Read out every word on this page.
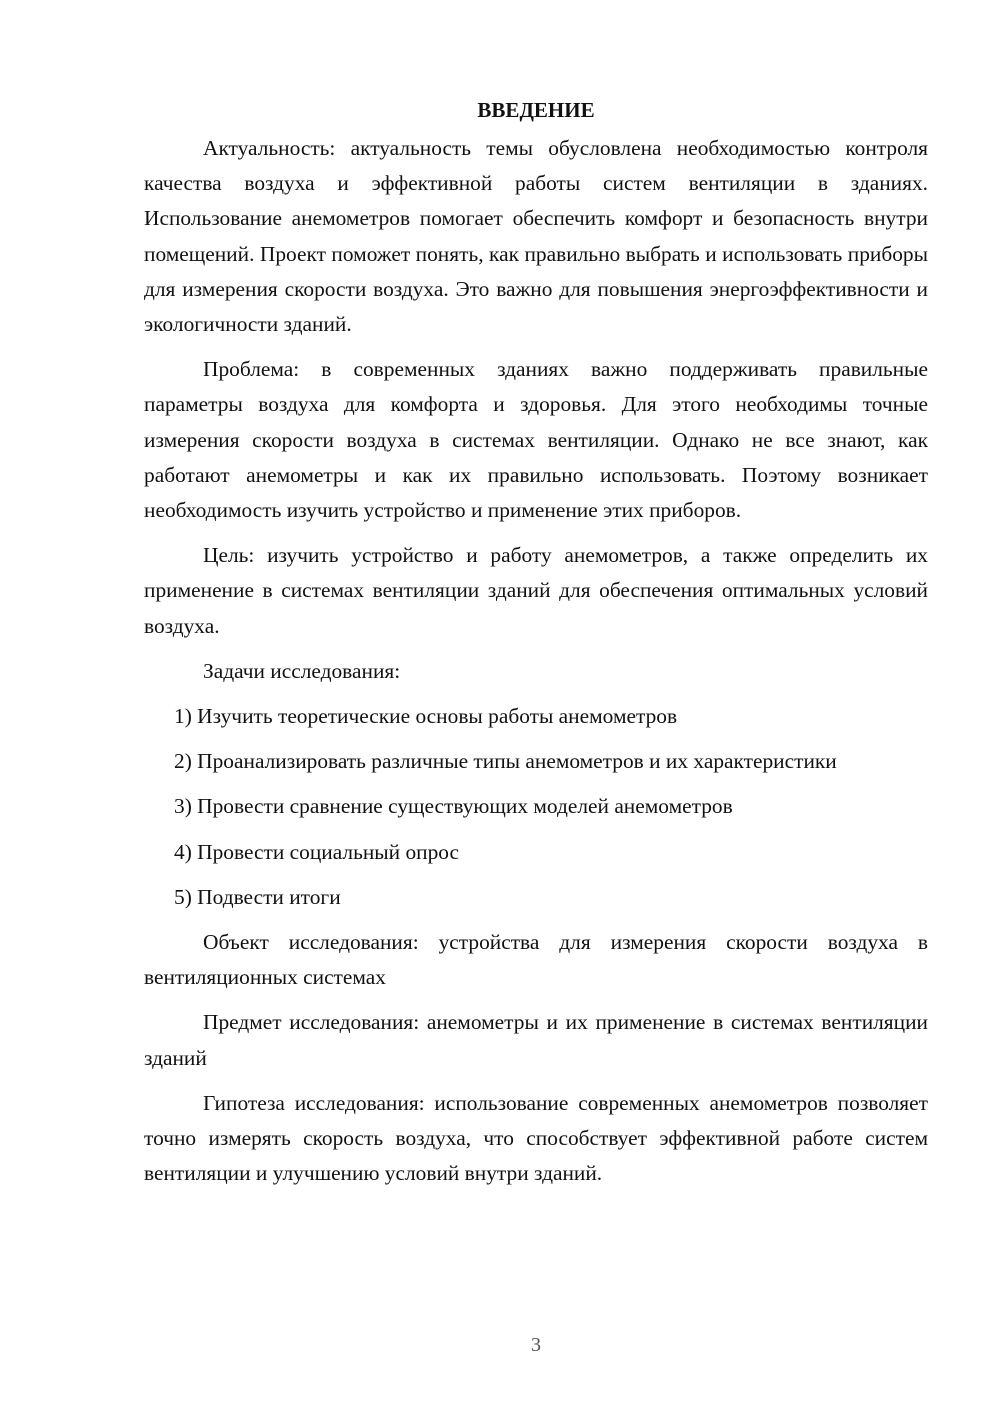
ВВЕДЕНИЕ

Актуальность: актуальность темы обусловлена необходимостью контроля качества воздуха и эффективной работы систем вентиляции в зданиях. Использование анемометров помогает обеспечить комфорт и безопасность внутри помещений. Проект поможет понять, как правильно выбрать и использовать приборы для измерения скорости воздуха. Это важно для повышения энергоэффективности и экологичности зданий.

Проблема: в современных зданиях важно поддерживать правильные параметры воздуха для комфорта и здоровья. Для этого необходимы точные измерения скорости воздуха в системах вентиляции. Однако не все знают, как работают анемометры и как их правильно использовать. Поэтому возникает необходимость изучить устройство и применение этих приборов.

Цель: изучить устройство и работу анемометров, а также определить их применение в системах вентиляции зданий для обеспечения оптимальных условий воздуха.

Задачи исследования:

1) Изучить теоретические основы работы анемометров

2) Проанализировать различные типы анемометров и их характеристики

3) Провести сравнение существующих моделей анемометров

4) Провести социальный опрос

5) Подвести итоги

Объект исследования: устройства для измерения скорости воздуха в вентиляционных системах

Предмет исследования: анемометры и их применение в системах вентиляции зданий

Гипотеза исследования: использование современных анемометров позволяет точно измерять скорость воздуха, что способствует эффективной работе систем вентиляции и улучшению условий внутри зданий.

3
